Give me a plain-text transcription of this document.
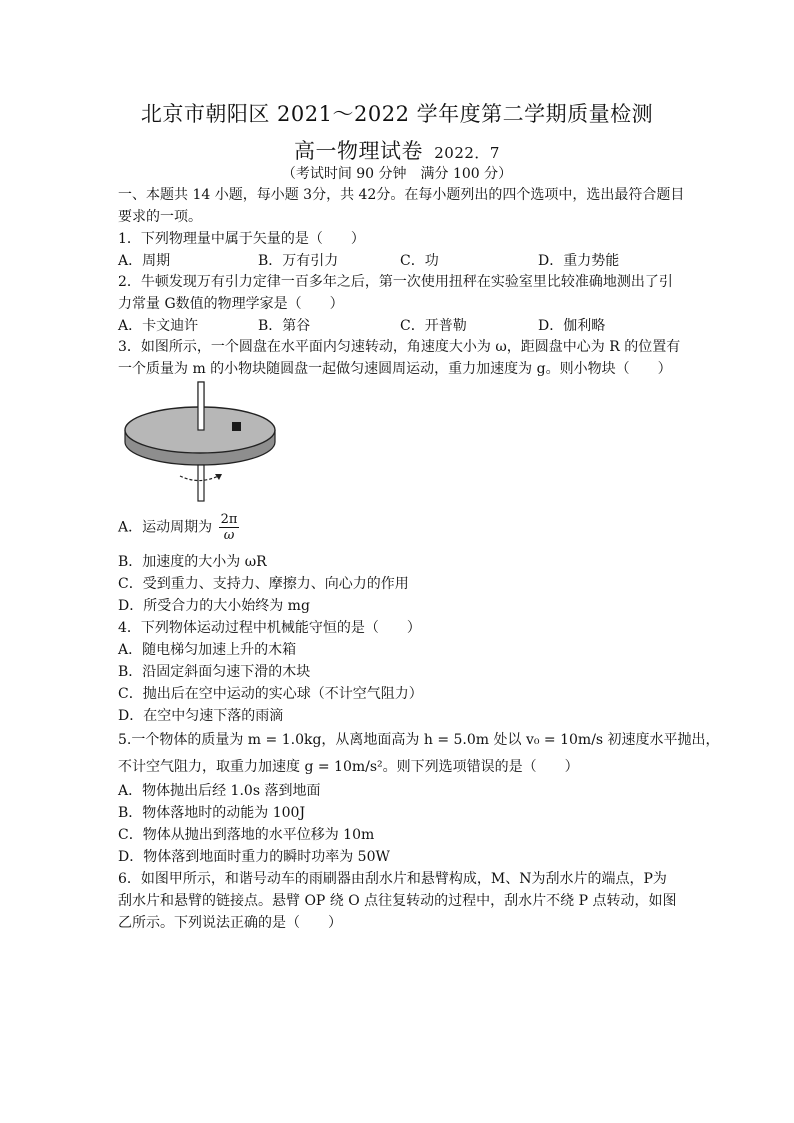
北京市朝阳区 2021～2022 学年度第二学期质量检测
高一物理试卷 2022．7
（考试时间 90 分钟　满分 100 分）
一、本题共 14 小题，每小题 3分，共 42分。在每小题列出的四个选项中，选出最符合题目
要求的一项。
1．下列物理量中属于矢量的是（　　）
A．周期	B．万有引力	C．功	D．重力势能
2．牛顿发现万有引力定律一百多年之后，第一次使用扭秤在实验室里比较准确地测出了引
力常量 G数值的物理学家是（　　）
A．卡文迪许	B．第谷	C．开普勒	D．伽利略
3．如图所示，一个圆盘在水平面内匀速转动，角速度大小为 ω，距圆盘中心为 R 的位置有
一个质量为 m 的小物块随圆盘一起做匀速圆周运动，重力加速度为 g。则小物块（　　）
A．运动周期为 $\frac{2\pi}{\omega}$
B．加速度的大小为 ωR
C．受到重力、支持力、摩擦力、向心力的作用
D．所受合力的大小始终为 mg
4．下列物体运动过程中机械能守恒的是（　　）
A．随电梯匀加速上升的木箱
B．沿固定斜面匀速下滑的木块
C．抛出后在空中运动的实心球（不计空气阻力）
D．在空中匀速下落的雨滴
5.一个物体的质量为 m = 1.0kg，从离地面高为 h = 5.0m 处以 v₀ = 10m/s 初速度水平抛出，
不计空气阻力，取重力加速度 g = 10m/s²。则下列选项错误的是（　　）
A．物体抛出后经 1.0s 落到地面
B．物体落地时的动能为 100J
C．物体从抛出到落地的水平位移为 10m
D．物体落到地面时重力的瞬时功率为 50W
6．如图甲所示，和谐号动车的雨刷器由刮水片和悬臂构成，M、N为刮水片的端点，P为
刮水片和悬臂的链接点。悬臂 OP 绕 O 点往复转动的过程中，刮水片不绕 P 点转动，如图
乙所示。下列说法正确的是（　　）
